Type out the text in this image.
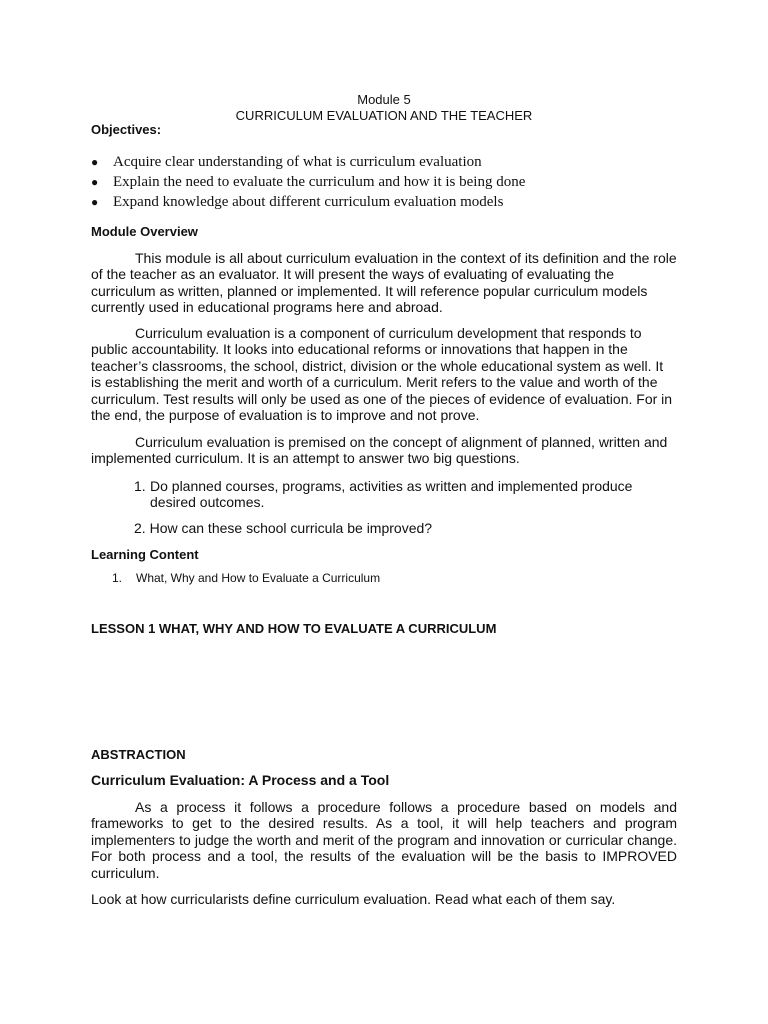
Module 5
CURRICULUM EVALUATION AND THE TEACHER
Objectives:
● Acquire clear understanding of what is curriculum evaluation
● Explain the need to evaluate the curriculum and how it is being done
● Expand knowledge about different curriculum evaluation models
Module Overview

This module is all about curriculum evaluation in the context of its definition and the role of the teacher as an evaluator. It will present the ways of evaluating of evaluating the curriculum as written, planned or implemented. It will reference popular curriculum models currently used in educational programs here and abroad.

Curriculum evaluation is a component of curriculum development that responds to public accountability. It looks into educational reforms or innovations that happen in the teacher’s classrooms, the school, district, division or the whole educational system as well. It is establishing the merit and worth of a curriculum. Merit refers to the value and worth of the curriculum. Test results will only be used as one of the pieces of evidence of evaluation. For in the end, the purpose of evaluation is to improve and not prove.

Curriculum evaluation is premised on the concept of alignment of planned, written and implemented curriculum. It is an attempt to answer two big questions.

1. Do planned courses, programs, activities as written and implemented produce desired outcomes.
2. How can these school curricula be improved?
Learning Content
1. What, Why and How to Evaluate a Curriculum
LESSON 1 WHAT, WHY AND HOW TO EVALUATE A CURRICULUM
ABSTRACTION
Curriculum Evaluation: A Process and a Tool

As a process it follows a procedure follows a procedure based on models and frameworks to get to the desired results. As a tool, it will help teachers and program implementers to judge the worth and merit of the program and innovation or curricular change. For both process and a tool, the results of the evaluation will be the basis to IMPROVED curriculum.

Look at how curricularists define curriculum evaluation. Read what each of them say.
